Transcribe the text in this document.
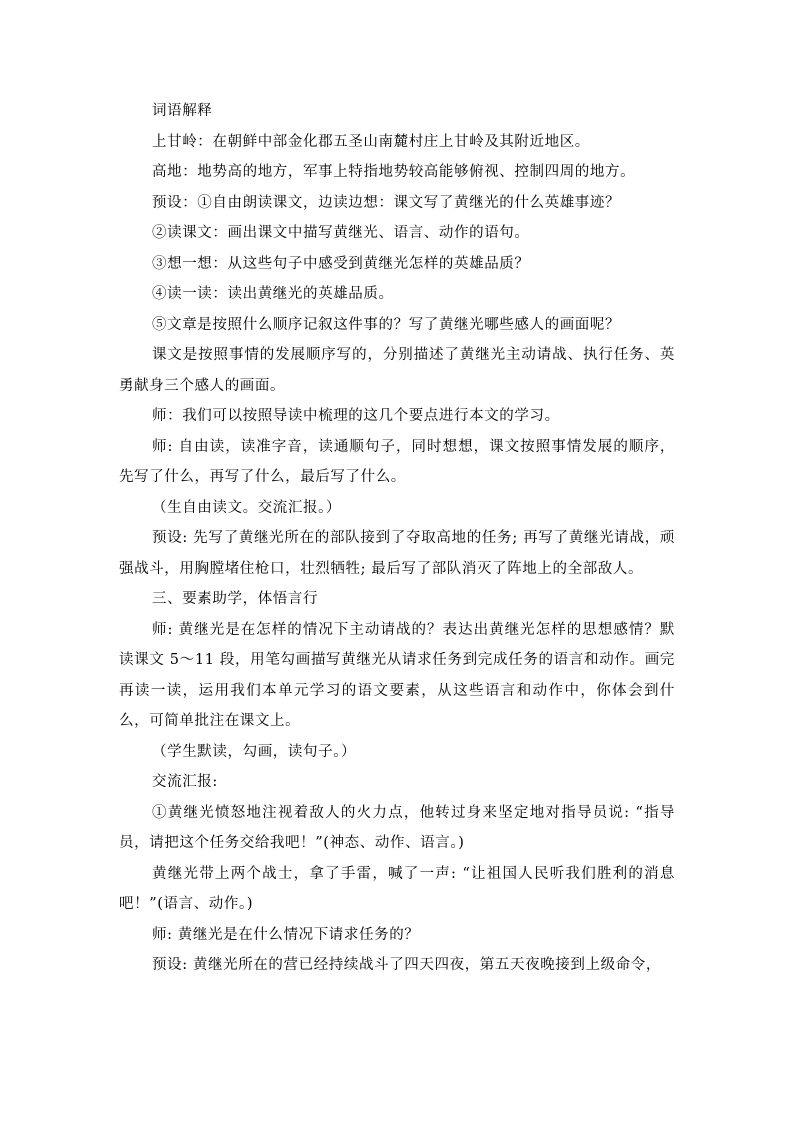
词语解释

上甘岭：在朝鲜中部金化郡五圣山南麓村庄上甘岭及其附近地区。

高地：地势高的地方，军事上特指地势较高能够俯视、控制四周的地方。

预设：①自由朗读课文，边读边想：课文写了黄继光的什么英雄事迹？

②读课文：画出课文中描写黄继光、语言、动作的语句。

③想一想：从这些句子中感受到黄继光怎样的英雄品质？

④读一读：读出黄继光的英雄品质。

⑤文章是按照什么顺序记叙这件事的？写了黄继光哪些感人的画面呢？

课文是按照事情的发展顺序写的，分别描述了黄继光主动请战、执行任务、英勇献身三个感人的画面。

师：我们可以按照导读中梳理的这几个要点进行本文的学习。

师: 自由读，读准字音，读通顺句子，同时想想，课文按照事情发展的顺序，先写了什么，再写了什么，最后写了什么。

（生自由读文。交流汇报。）

预设: 先写了黄继光所在的部队接到了夺取高地的任务; 再写了黄继光请战，顽强战斗，用胸膛堵住枪口，壮烈牺牲; 最后写了部队消灭了阵地上的全部敌人。

三、要素助学，体悟言行

师: 黄继光是在怎样的情况下主动请战的？表达出黄继光怎样的思想感情？默读课文 5～11 段，用笔勾画描写黄继光从请求任务到完成任务的语言和动作。画完再读一读，运用我们本单元学习的语文要素，从这些语言和动作中，你体会到什么，可简单批注在课文上。

（学生默读，勾画，读句子。）

交流汇报:

①黄继光愤怒地注视着敌人的火力点，他转过身来坚定地对指导员说: “指导员，请把这个任务交给我吧！”(神态、动作、语言。)

黄继光带上两个战士，拿了手雷，喊了一声: “让祖国人民听我们胜利的消息吧！”(语言、动作。)

师: 黄继光是在什么情况下请求任务的？

预设: 黄继光所在的营已经持续战斗了四天四夜，第五天夜晚接到上级命令，
